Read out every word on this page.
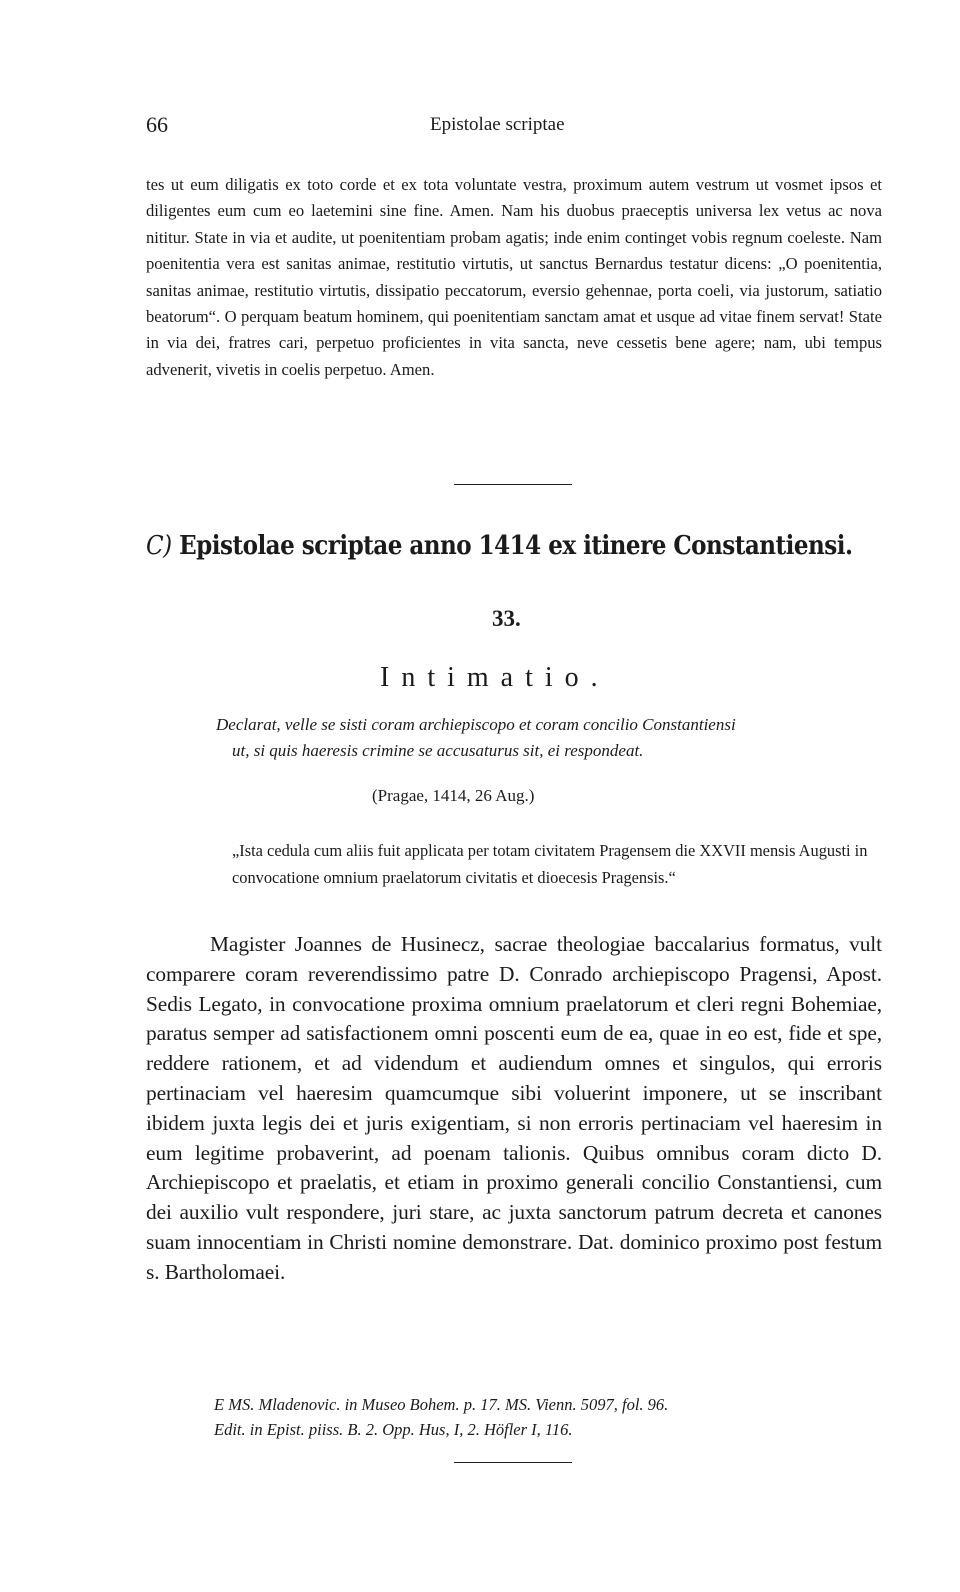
66	Epistolae scriptae

tes ut eum diligatis ex toto corde et ex tota voluntate vestra, proximum autem vestrum ut vosmet ipsos et diligentes eum cum eo laetemini sine fine. Amen. Nam his duobus praeceptis universa lex vetus ac nova nititur. State in via et audite, ut poenitentiam probam agatis; inde enim continget vobis regnum coeleste. Nam poenitentia vera est sanitas animae, restitutio virtutis, ut sanctus Bernardus testatur dicens: „O poenitentia, sanitas animae, restitutio virtutis, dissipatio peccatorum, eversio gehennae, porta coeli, via justorum, satiatio beatorum“. O perquam beatum hominem, qui poenitentiam sanctam amat et usque ad vitae finem servat! State in via dei, fratres cari, perpetuo proficientes in vita sancta, neve cessetis bene agere; nam, ubi tempus advenerit, vivetis in coelis perpetuo. Amen.

C) Epistolae scriptae anno 1414 ex itinere Constantiensi.
33.
Intimatio.
Declarat, velle se sisti coram archiepiscopo et coram concilio Constantiensi
ut, si quis haeresis crimine se accusaturus sit, ei respondeat.
(Pragae, 1414, 26 Aug.)
„Ista cedula cum aliis fuit applicata per totam civitatem Pragensem die XXVII mensis Augusti in convocatione omnium praelatorum civitatis et dioecesis Pragensis.“
Magister Joannes de Husinecz, sacrae theologiae baccalarius formatus, vult comparere coram reverendissimo patre D. Conrado archiepiscopo Pragensi, Apost. Sedis Legato, in convocatione proxima omnium praelatorum et cleri regni Bohemiae, paratus semper ad satisfactionem omni poscenti eum de ea, quae in eo est, fide et spe, reddere rationem, et ad videndum et audiendum omnes et singulos, qui erroris pertinaciam vel haeresim quamcumque sibi voluerint imponere, ut se inscribant ibidem juxta legis dei et juris exigentiam, si non erroris pertinaciam vel haeresim in eum legitime probaverint, ad poenam talionis. Quibus omnibus coram dicto D. Archiepiscopo et praelatis, et etiam in proximo generali concilio Constantiensi, cum dei auxilio vult respondere, juri stare, ac juxta sanctorum patrum decreta et canones suam innocentiam in Christi nomine demonstrare. Dat. dominico proximo post festum s. Bartholomaei.
E MS. Mladenovic. in Museo Bohem. p. 17. MS. Vienn. 5097, fol. 96.
Edit. in Epist. piiss. B. 2. Opp. Hus, I, 2. Höfler I, 116.
